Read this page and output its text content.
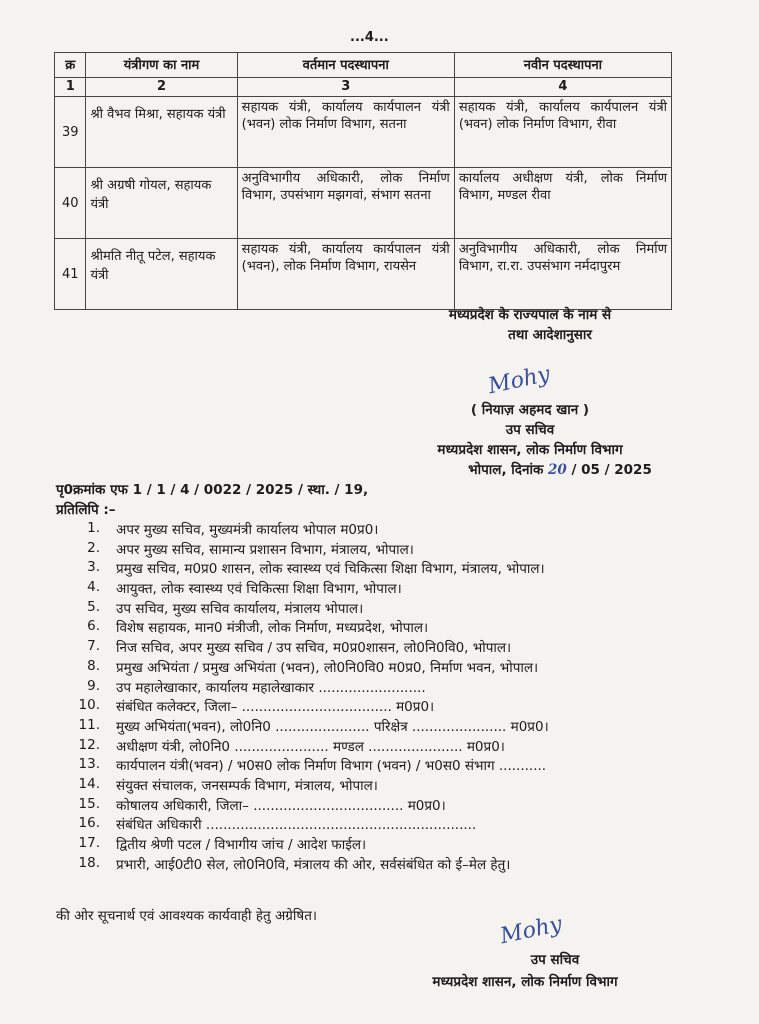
...4...
क्र	यंत्रीगण का नाम	वर्तमान पदस्थापना	नवीन पदस्थापना
1	2	3	4
39	श्री वैभव मिश्रा, सहायक यंत्री	सहायक यंत्री, कार्यालय कार्यपालन यंत्री (भवन) लोक निर्माण विभाग, सतना	सहायक यंत्री, कार्यालय कार्यपालन यंत्री (भवन) लोक निर्माण विभाग, रीवा
40	श्री अग्रषी गोयल, सहायक यंत्री	अनुविभागीय अधिकारी, लोक निर्माण विभाग, उपसंभाग मझगवां, संभाग सतना	कार्यालय अधीक्षण यंत्री, लोक निर्माण विभाग, मण्डल रीवा
41	श्रीमति नीतू पटेल, सहायक यंत्री	सहायक यंत्री, कार्यालय कार्यपालन यंत्री (भवन), लोक निर्माण विभाग, रायसेन	अनुविभागीय अधिकारी, लोक निर्माण विभाग, रा.रा. उपसंभाग नर्मदापुरम
मध्यप्रदेश के राज्यपाल के नाम से
तथा आदेशानुसार
Mohy
( नियाज़ अहमद खान )
उप सचिव
मध्यप्रदेश शासन, लोक निर्माण विभाग
भोपाल, दिनांक 20 / 05 / 2025
पृ0क्रमांक एफ 1 / 1 / 4 / 0022 / 2025 / स्था. / 19,
प्रतिलिपि :–
1.	अपर मुख्य सचिव, मुख्यमंत्री कार्यालय भोपाल म0प्र0।
2.	अपर मुख्य सचिव, सामान्य प्रशासन विभाग, मंत्रालय, भोपाल।
3.	प्रमुख सचिव, म0प्र0 शासन, लोक स्वास्थ्य एवं चिकित्सा शिक्षा विभाग, मंत्रालय, भोपाल।
4.	आयुक्त, लोक स्वास्थ्य एवं चिकित्सा शिक्षा विभाग, भोपाल।
5.	उप सचिव, मुख्य सचिव कार्यालय, मंत्रालय भोपाल।
6.	विशेष सहायक, मान0 मंत्रीजी, लोक निर्माण, मध्यप्रदेश, भोपाल।
7.	निज सचिव, अपर मुख्य सचिव / उप सचिव, म0प्र0शासन, लो0नि0वि0, भोपाल।
8.	प्रमुख अभियंता / प्रमुख अभियंता (भवन), लो0नि0वि0 म0प्र0, निर्माण भवन, भोपाल।
9.	उप महालेखाकार, कार्यालय महालेखाकार .........................
10.	संबंधित कलेक्टर, जिला– ................................... म0प्र0।
11.	मुख्य अभियंता(भवन), लो0नि0 ...................... परिक्षेत्र ...................... म0प्र0।
12.	अधीक्षण यंत्री, लो0नि0 ...................... मण्डल ...................... म0प्र0।
13.	कार्यपालन यंत्री(भवन) / भ0स0 लोक निर्माण विभाग (भवन) / भ0स0 संभाग ...........
14.	संयुक्त संचालक, जनसम्पर्क विभाग, मंत्रालय, भोपाल।
15.	कोषालय अधिकारी, जिला– ................................... म0प्र0।
16.	संबंधित अधिकारी ...............................................................
17.	द्वितीय श्रेणी पटल / विभागीय जांच / आदेश फाईल।
18.	प्रभारी, आई0टी0 सेल, लो0नि0वि, मंत्रालय की ओर, सर्वसंबंधित को ई–मेल हेतु।
की ओर सूचनार्थ एवं आवश्यक कार्यवाही हेतु अग्रेषित।	Mohy
उप सचिव
मध्यप्रदेश शासन, लोक निर्माण विभाग
